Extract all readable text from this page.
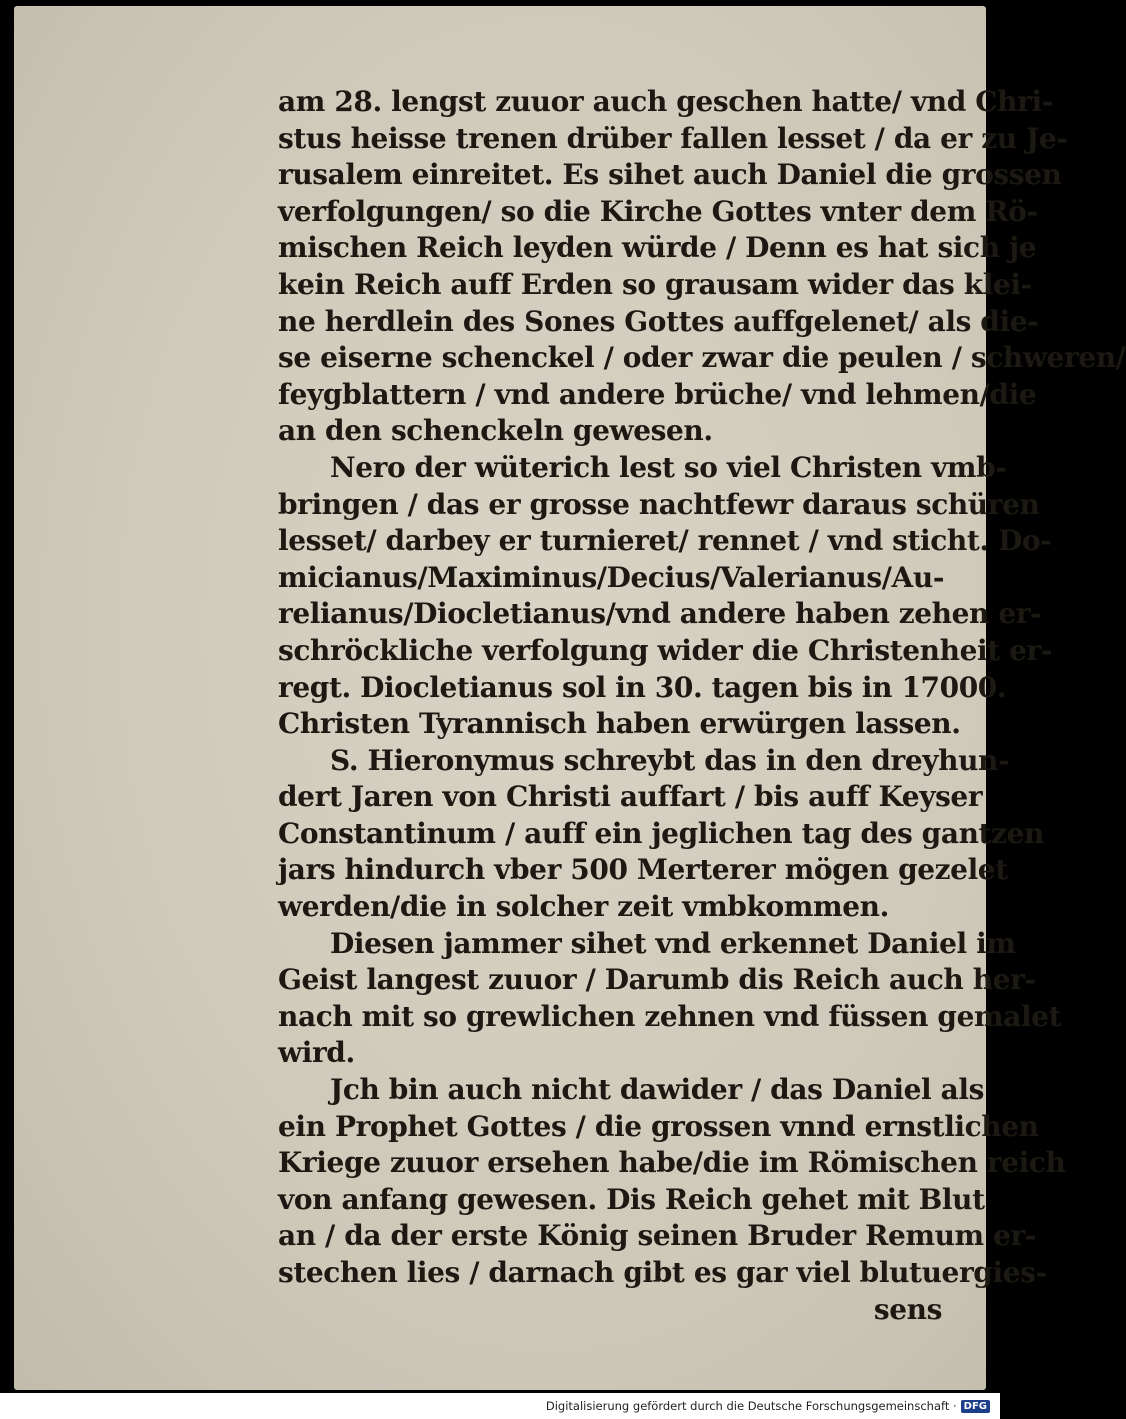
am 28. lengst zuuor auch geschen hatte/ vnd Chri-
stus heisse trenen drüber fallen lesset / da er zu Je-
rusalem einreitet. Es sihet auch Daniel die grossen
verfolgungen/ so die Kirche Gottes vnter dem Rö-
mischen Reich leyden würde / Denn es hat sich je
kein Reich auff Erden so grausam wider das klei-
ne herdlein des Sones Gottes auffgelenet/ als die-
se eiserne schenckel / oder zwar die peulen / schweren/
feygblattern / vnd andere brüche/ vnd lehmen/die
an den schenckeln gewesen.
Nero der wüterich lest so viel Christen vmb-
bringen / das er grosse nachtfewr daraus schüren
lesset/ darbey er turnieret/ rennet / vnd sticht. Do-
micianus/Maximinus/Decius/Valerianus/Au-
relianus/Diocletianus/vnd andere haben zehen er-
schröckliche verfolgung wider die Christenheit er-
regt. Diocletianus sol in 30. tagen bis in 17000.
Christen Tyrannisch haben erwürgen lassen.
S. Hieronymus schreybt das in den dreyhun-
dert Jaren von Christi auffart / bis auff Keyser
Constantinum / auff ein jeglichen tag des gantzen
jars hindurch vber 500 Merterer mögen gezelet
werden/die in solcher zeit vmbkommen.
Diesen jammer sihet vnd erkennet Daniel im
Geist langest zuuor / Darumb dis Reich auch her-
nach mit so grewlichen zehnen vnd füssen gemalet
wird.
Jch bin auch nicht dawider / das Daniel als
ein Prophet Gottes / die grossen vnnd ernstlichen
Kriege zuuor ersehen habe/die im Römischen reich
von anfang gewesen. Dis Reich gehet mit Blut
an / da der erste König seinen Bruder Remum er-
stechen lies / darnach gibt es gar viel blutuergies-
sens
Digitalisierung gefördert durch die Deutsche Forschungsgemeinschaft · DFG
